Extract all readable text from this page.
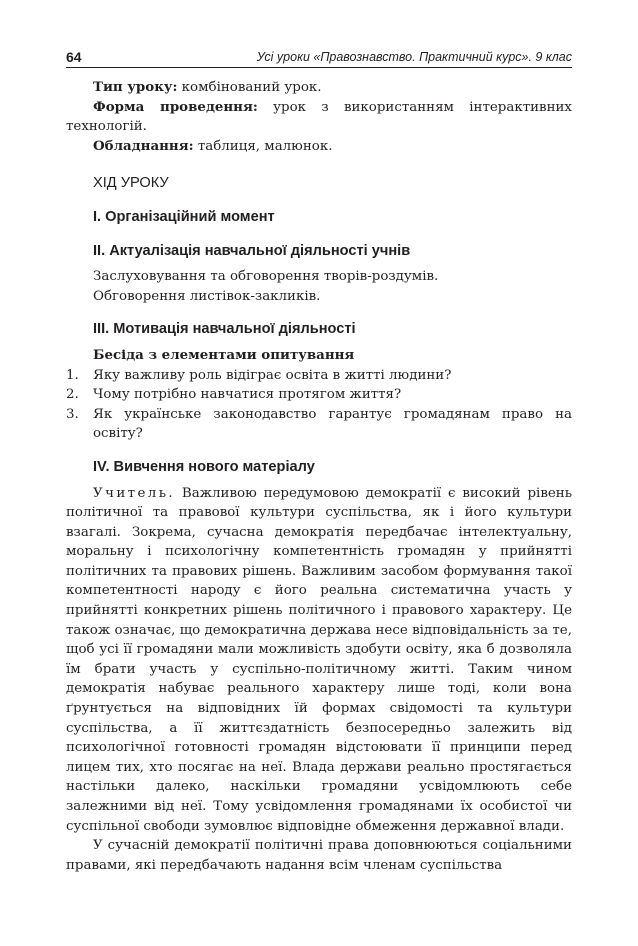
64	Усі уроки «Правознавство. Практичний курс». 9 клас

Тип уроку: комбінований урок.

Форма проведення: урок з використанням інтерактивних технологій.

Обладнання: таблиця, малюнок.

ХІД УРОКУ
І. Організаційний момент
ІІ. Актуалізація навчальної діяльності учнів

Заслуховування та обговорення творів-роздумів.

Обговорення листівок-закликів.

ІІІ. Мотивація навчальної діяльності

Бесіда з елементами опитування

1. Яку важливу роль відіграє освіта в житті людини?
2. Чому потрібно навчатися протягом життя?
3. Як українське законодавство гарантує громадянам право на освіту?
IV. Вивчення нового матеріалу

Учитель. Важливою передумовою демократії є високий рівень політичної та правової культури суспільства, як і його культури взагалі. Зокрема, сучасна демократія передбачає інтелектуальну, моральну і психологічну компетентність громадян у прийнятті політичних та правових рішень. Важливим засобом формування такої компетентності народу є його реальна систематична участь у прийнятті конкретних рішень політичного і правового характеру. Це також означає, що демократична держава несе відповідальність за те, щоб усі її громадяни мали можливість здобути освіту, яка б дозволяла їм брати участь у суспільно-політичному житті. Таким чином демократія набуває реального характеру лише тоді, коли вона ґрунтується на відповідних їй формах свідомості та культури суспільства, а її життєздатність безпосередньо залежить від психологічної готовності громадян відстоювати її принципи перед лицем тих, хто посягає на неї. Влада держави реально простягається настільки далеко, наскільки громадяни усвідомлюють себе залежними від неї. Тому усвідомлення громадянами їх особистої чи суспільної свободи зумовлює відповідне обмеження державної влади.

У сучасній демократії політичні права доповнюються соціальними правами, які передбачають надання всім членам суспільства
